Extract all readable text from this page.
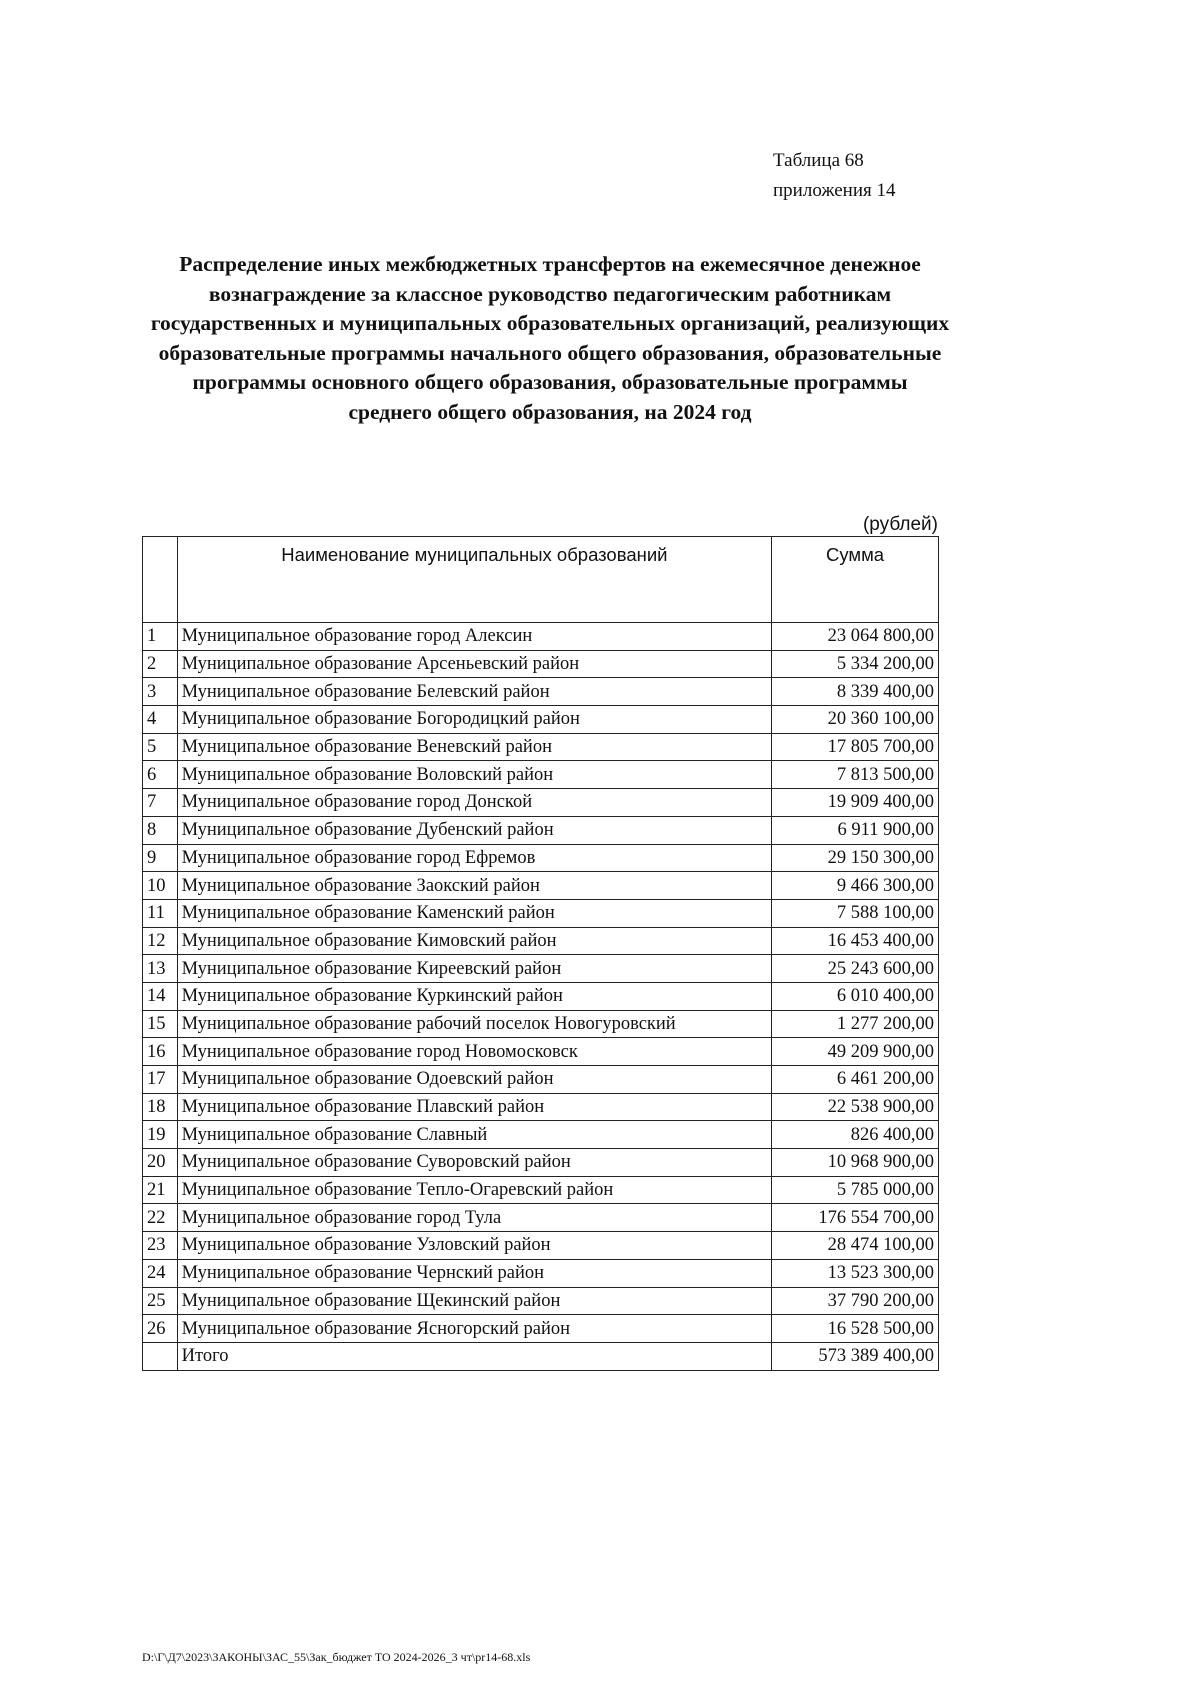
Таблица 68
приложения 14
Распределение иных межбюджетных трансфертов на ежемесячное денежное вознаграждение за классное руководство педагогическим работникам государственных и муниципальных образовательных организаций, реализующих образовательные программы начального общего образования, образовательные программы основного общего образования, образовательные программы среднего общего образования, на 2024 год
(рублей)
	Наименование муниципальных образований	Сумма
1	Муниципальное образование город Алексин	23 064 800,00
2	Муниципальное образование Арсеньевский район	5 334 200,00
3	Муниципальное образование Белевский район	8 339 400,00
4	Муниципальное образование Богородицкий район	20 360 100,00
5	Муниципальное образование Веневский район	17 805 700,00
6	Муниципальное образование Воловский район	7 813 500,00
7	Муниципальное образование город Донской	19 909 400,00
8	Муниципальное образование Дубенский район	6 911 900,00
9	Муниципальное образование город Ефремов	29 150 300,00
10	Муниципальное образование Заокский район	9 466 300,00
11	Муниципальное образование Каменский район	7 588 100,00
12	Муниципальное образование Кимовский район	16 453 400,00
13	Муниципальное образование Киреевский район	25 243 600,00
14	Муниципальное образование Куркинский район	6 010 400,00
15	Муниципальное образование рабочий поселок Новогуровский	1 277 200,00
16	Муниципальное образование город Новомосковск	49 209 900,00
17	Муниципальное образование Одоевский район	6 461 200,00
18	Муниципальное образование Плавский район	22 538 900,00
19	Муниципальное образование Славный	826 400,00
20	Муниципальное образование Суворовский район	10 968 900,00
21	Муниципальное образование Тепло-Огаревский район	5 785 000,00
22	Муниципальное образование город Тула	176 554 700,00
23	Муниципальное образование Узловский район	28 474 100,00
24	Муниципальное образование Чернский район	13 523 300,00
25	Муниципальное образование Щекинский район	37 790 200,00
26	Муниципальное образование Ясногорский район	16 528 500,00
	Итого	573 389 400,00
D:\Г\Д7\2023\ЗАКОНЫ\ЗАС_55\Зак_бюджет ТО 2024-2026_3 чт\pr14-68.xls
